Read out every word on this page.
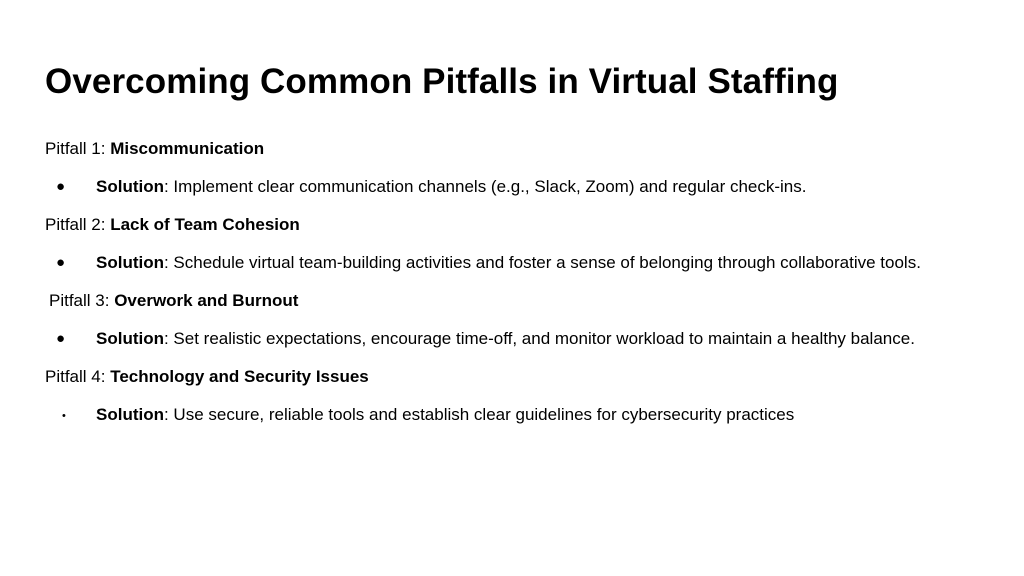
Overcoming Common Pitfalls in Virtual Staffing
Pitfall 1: Miscommunication
● Solution: Implement clear communication channels (e.g., Slack, Zoom) and regular check-ins.
Pitfall 2: Lack of Team Cohesion
● Solution: Schedule virtual team-building activities and foster a sense of belonging through collaborative tools.
Pitfall 3: Overwork and Burnout
● Solution: Set realistic expectations, encourage time-off, and monitor workload to maintain a healthy balance.
Pitfall 4: Technology and Security Issues
• Solution: Use secure, reliable tools and establish clear guidelines for cybersecurity practices
